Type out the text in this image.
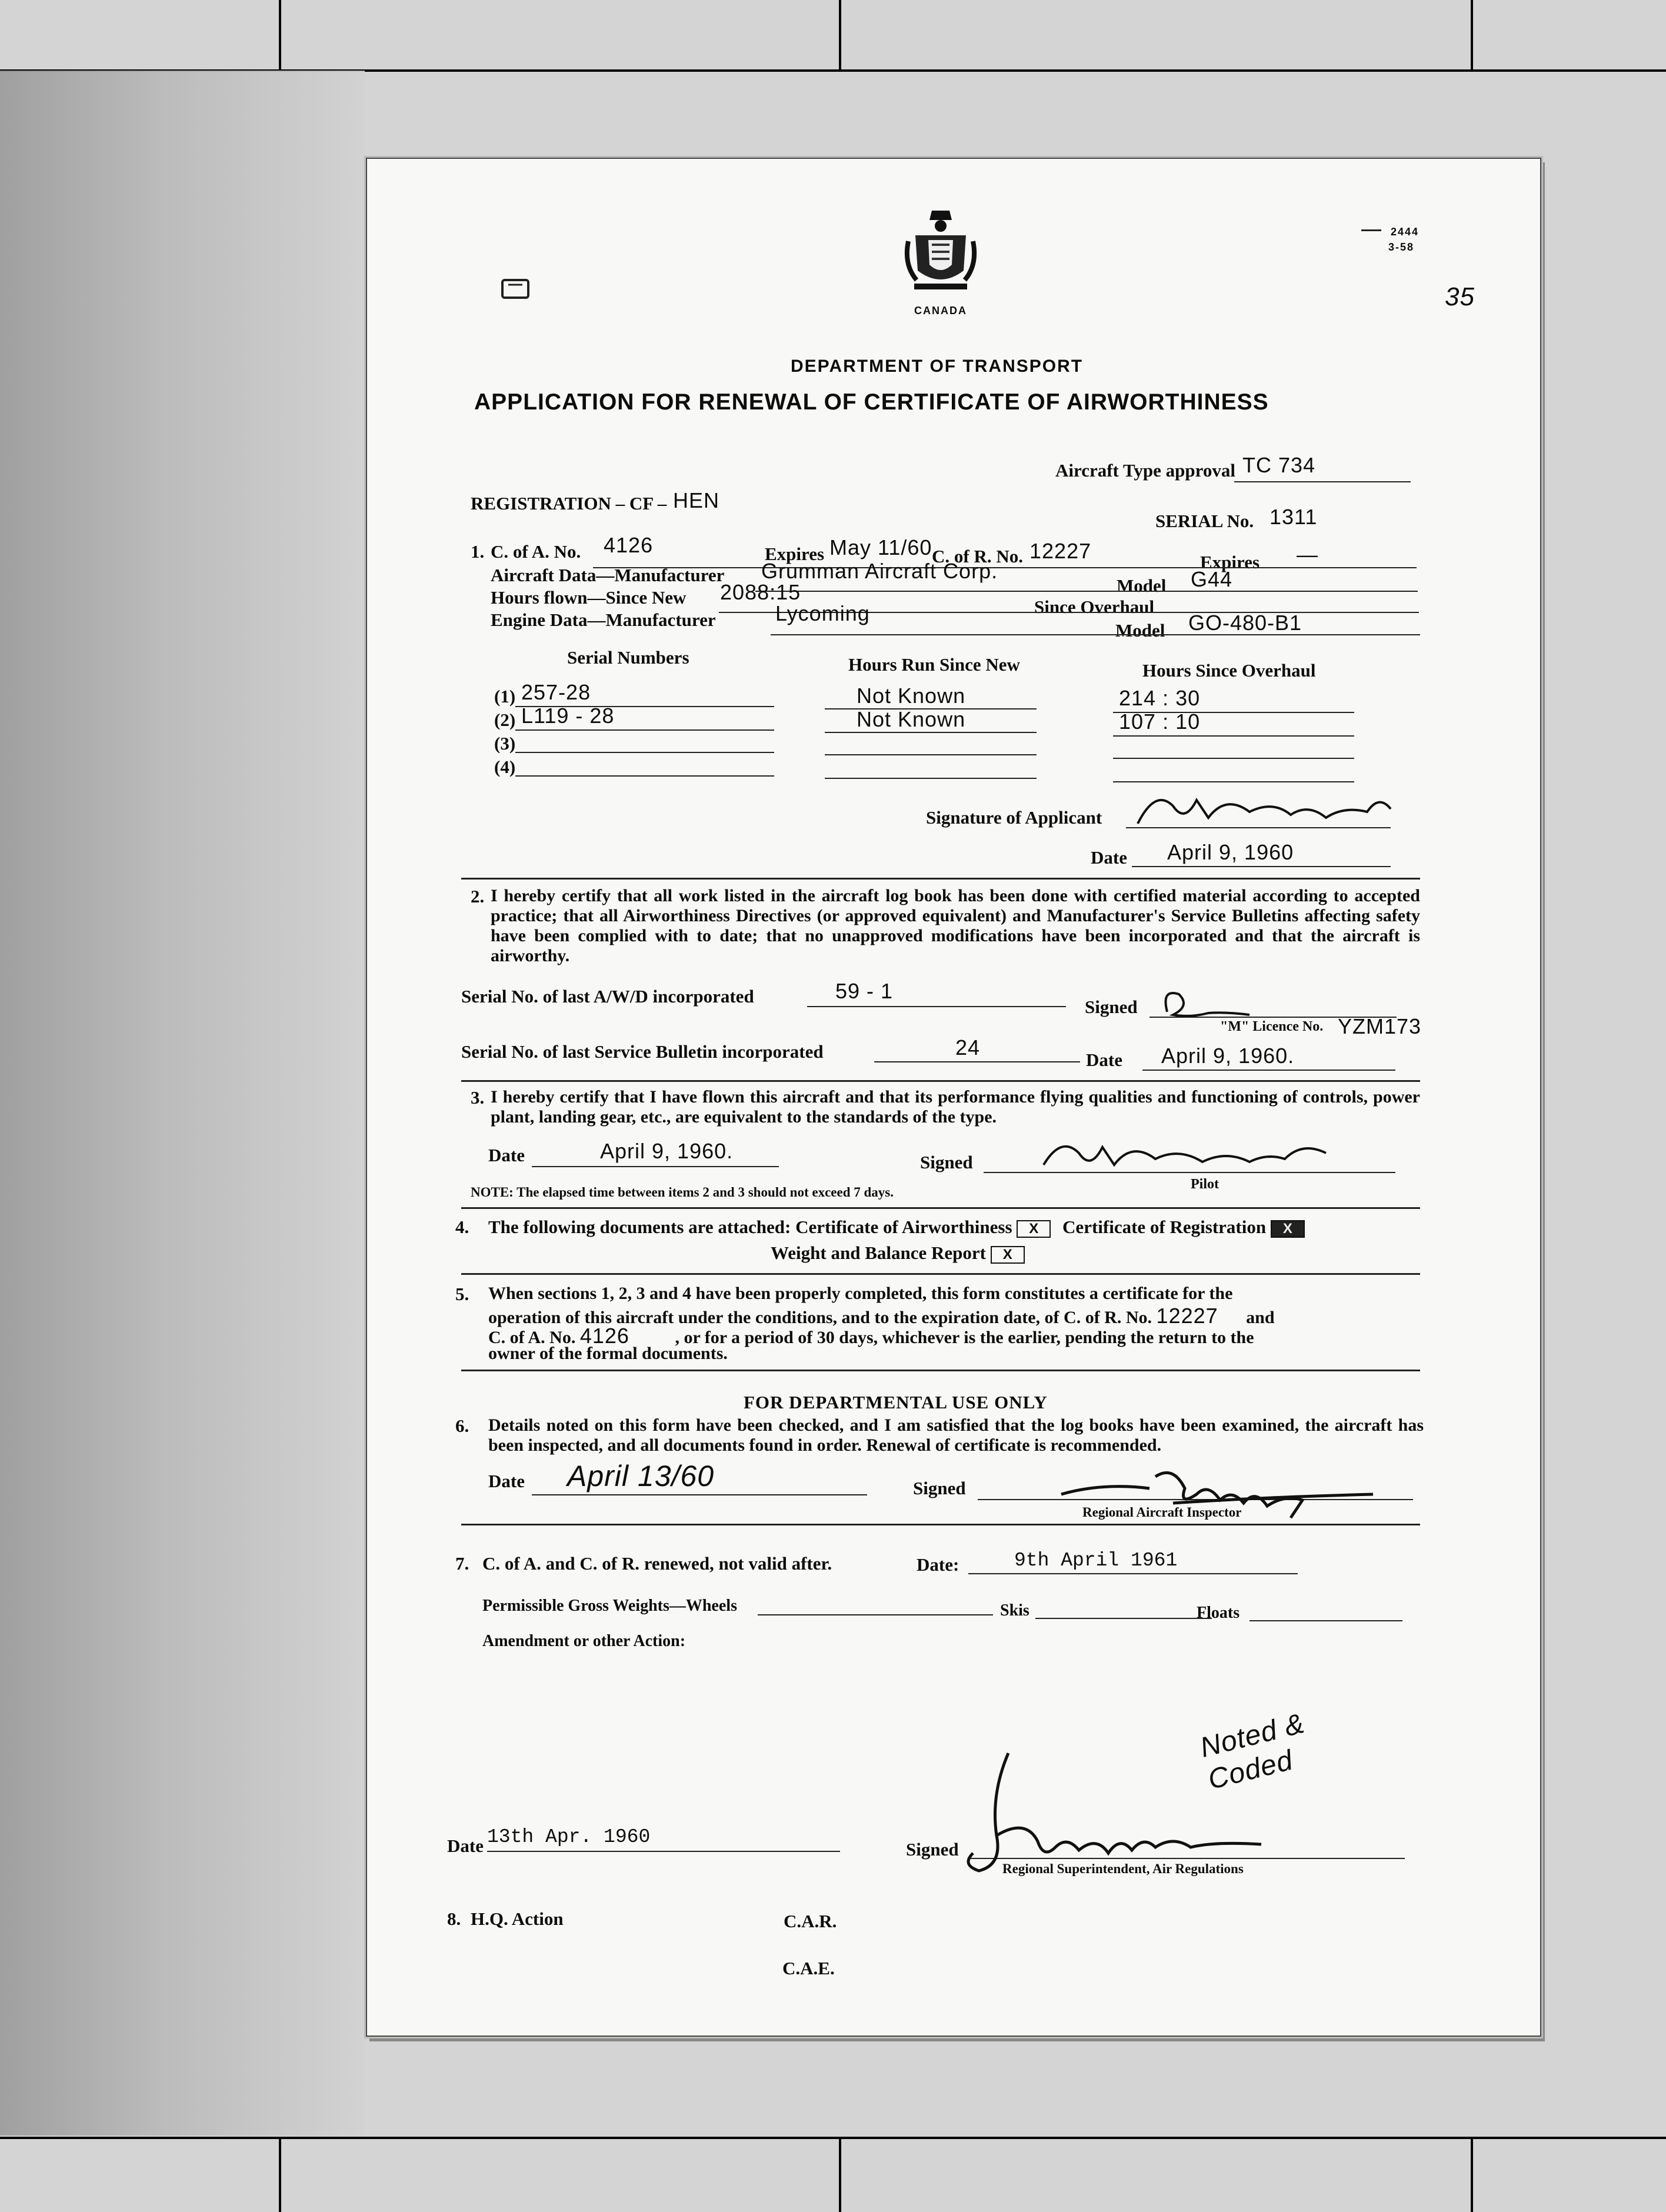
CANADA
2444
3-58
35
DEPARTMENT OF TRANSPORT
APPLICATION FOR RENEWAL OF CERTIFICATE OF AIRWORTHINESS
Aircraft Type approval TC 734
REGISTRATION – CF – HEN
SERIAL No. 1311
1. C. of A. No. 4126	Expires May 11/60 C. of R. No. 12227	Expires —
Aircraft Data—Manufacturer Grumman Aircraft Corp.
Model G44
Hours flown—Since New 2088:15
Since Overhaul
Engine Data—Manufacturer	Lycoming
Model GO-480-B1
Serial Numbers	Hours Run Since New	Hours Since Overhaul
(1) 257-28	Not Known	214 : 30
(2) L119 - 28	Not Known	107 : 10
(3)
(4)
Signature of Applicant
Date April 9, 1960
2. I hereby certify that all work listed in the aircraft log book has been done with certified material according to accepted practice; that all Airworthiness Directives (or approved equivalent) and Manufacturer's Service Bulletins affecting safety have been complied with to date; that no unapproved modifications have been incorporated and that the aircraft is airworthy.
Serial No. of last A/W/D incorporated	59 - 1
Signed
"M" Licence No. YZM173
Serial No. of last Service Bulletin incorporated	24
Date April 9, 1960.
3. I hereby certify that I have flown this aircraft and that its performance flying qualities and functioning of controls, power plant, landing gear, etc., are equivalent to the standards of the type.
Date	April 9, 1960.	Signed
Pilot
NOTE: The elapsed time between items 2 and 3 should not exceed 7 days.
4. The following documents are attached: Certificate of Airworthiness X Certificate of Registration X
Weight and Balance Report X
5. When sections 1, 2, 3 and 4 have been properly completed, this form constitutes a certificate for the
operation of this aircraft under the conditions, and to the expiration date, of C. of R. No. 12227 and
C. of A. No. 4126	, or for a period of 30 days, whichever is the earlier, pending the return to the
owner of the formal documents.
FOR DEPARTMENTAL USE ONLY
6. Details noted on this form have been checked, and I am satisfied that the log books have been examined, the aircraft has been inspected, and all documents found in order. Renewal of certificate is recommended.
Date April 13/60	Signed
Regional Aircraft Inspector
7. C. of A. and C. of R. renewed, not valid after.	Date:	9th April 1961
Permissible Gross Weights—Wheels	Skis	Floats
Amendment or other Action:
Noted & Coded
Date 13th Apr. 1960
Signed
Regional Superintendent, Air Regulations
8. H.Q. Action	C.A.R.
C.A.E.
